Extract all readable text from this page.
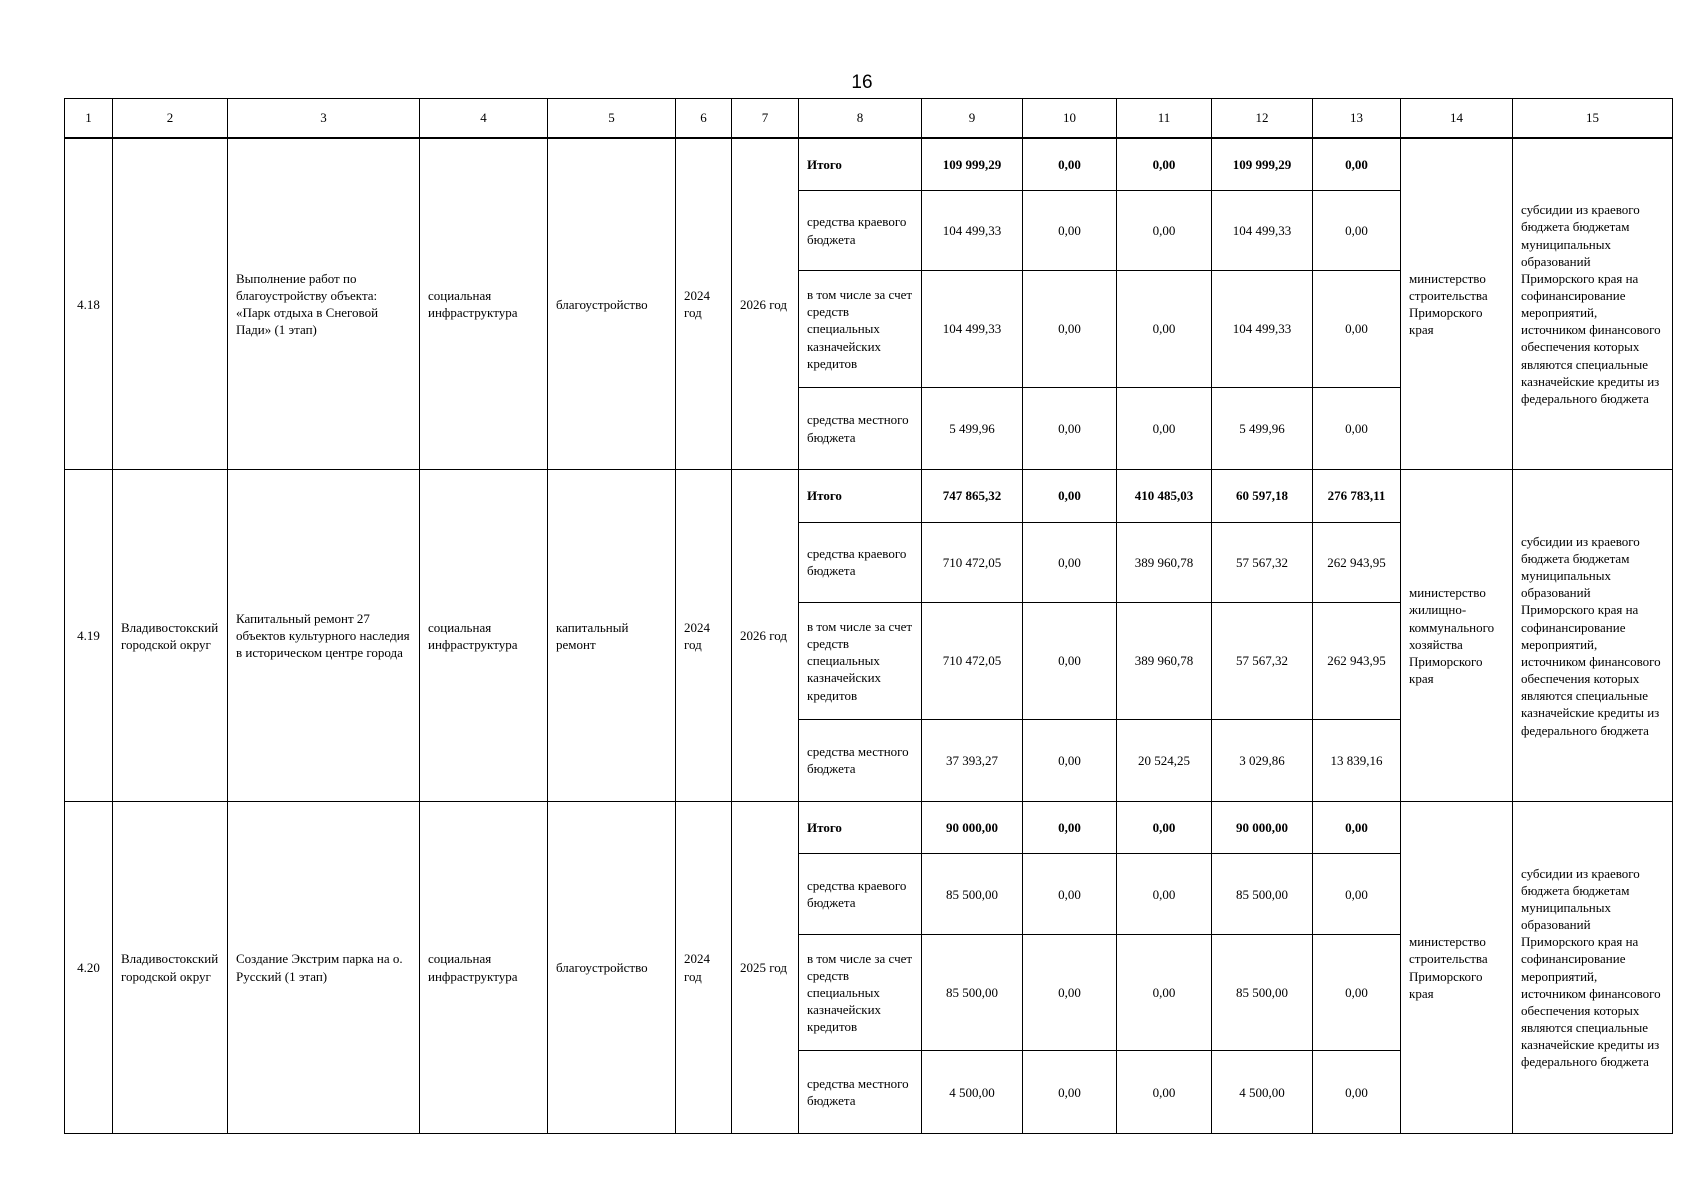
16
1	2	3	4	5	6	7	8	9	10	11	12	13	14	15
4.18		Выполнение работ по благоустройству объекта: «Парк отдыха в Снеговой Пади» (1 этап)	социальная инфраструктура	благоустройство	2024 год	2026 год	Итого	109 999,29	0,00	0,00	109 999,29	0,00	министерство строительства Приморского края	субсидии из краевого бюджета бюджетам муниципальных образований Приморского края на софинансирование мероприятий, источником финансового обеспечения которых являются специальные казначейские кредиты из федерального бюджета
							средства краевого бюджета	104 499,33	0,00	0,00	104 499,33	0,00		
							в том числе за счет средств специальных казначейских кредитов	104 499,33	0,00	0,00	104 499,33	0,00		
							средства местного бюджета	5 499,96	0,00	0,00	5 499,96	0,00		
4.19	Владивостокский городской округ	Капитальный ремонт 27 объектов культурного наследия в историческом центре города	социальная инфраструктура	капитальный ремонт	2024 год	2026 год	Итого	747 865,32	0,00	410 485,03	60 597,18	276 783,11	министерство жилищно-коммунального хозяйства Приморского края	субсидии из краевого бюджета бюджетам муниципальных образований Приморского края на софинансирование мероприятий, источником финансового обеспечения которых являются специальные казначейские кредиты из федерального бюджета
							средства краевого бюджета	710 472,05	0,00	389 960,78	57 567,32	262 943,95		
							в том числе за счет средств специальных казначейских кредитов	710 472,05	0,00	389 960,78	57 567,32	262 943,95		
							средства местного бюджета	37 393,27	0,00	20 524,25	3 029,86	13 839,16		
4.20	Владивостокский городской округ	Создание Экстрим парка на о. Русский (1 этап)	социальная инфраструктура	благоустройство	2024 год	2025 год	Итого	90 000,00	0,00	0,00	90 000,00	0,00	министерство строительства Приморского края	субсидии из краевого бюджета бюджетам муниципальных образований Приморского края на софинансирование мероприятий, источником финансового обеспечения которых являются специальные казначейские кредиты из федерального бюджета
							средства краевого бюджета	85 500,00	0,00	0,00	85 500,00	0,00		
							в том числе за счет средств специальных казначейских кредитов	85 500,00	0,00	0,00	85 500,00	0,00		
							средства местного бюджета	4 500,00	0,00	0,00	4 500,00	0,00		
